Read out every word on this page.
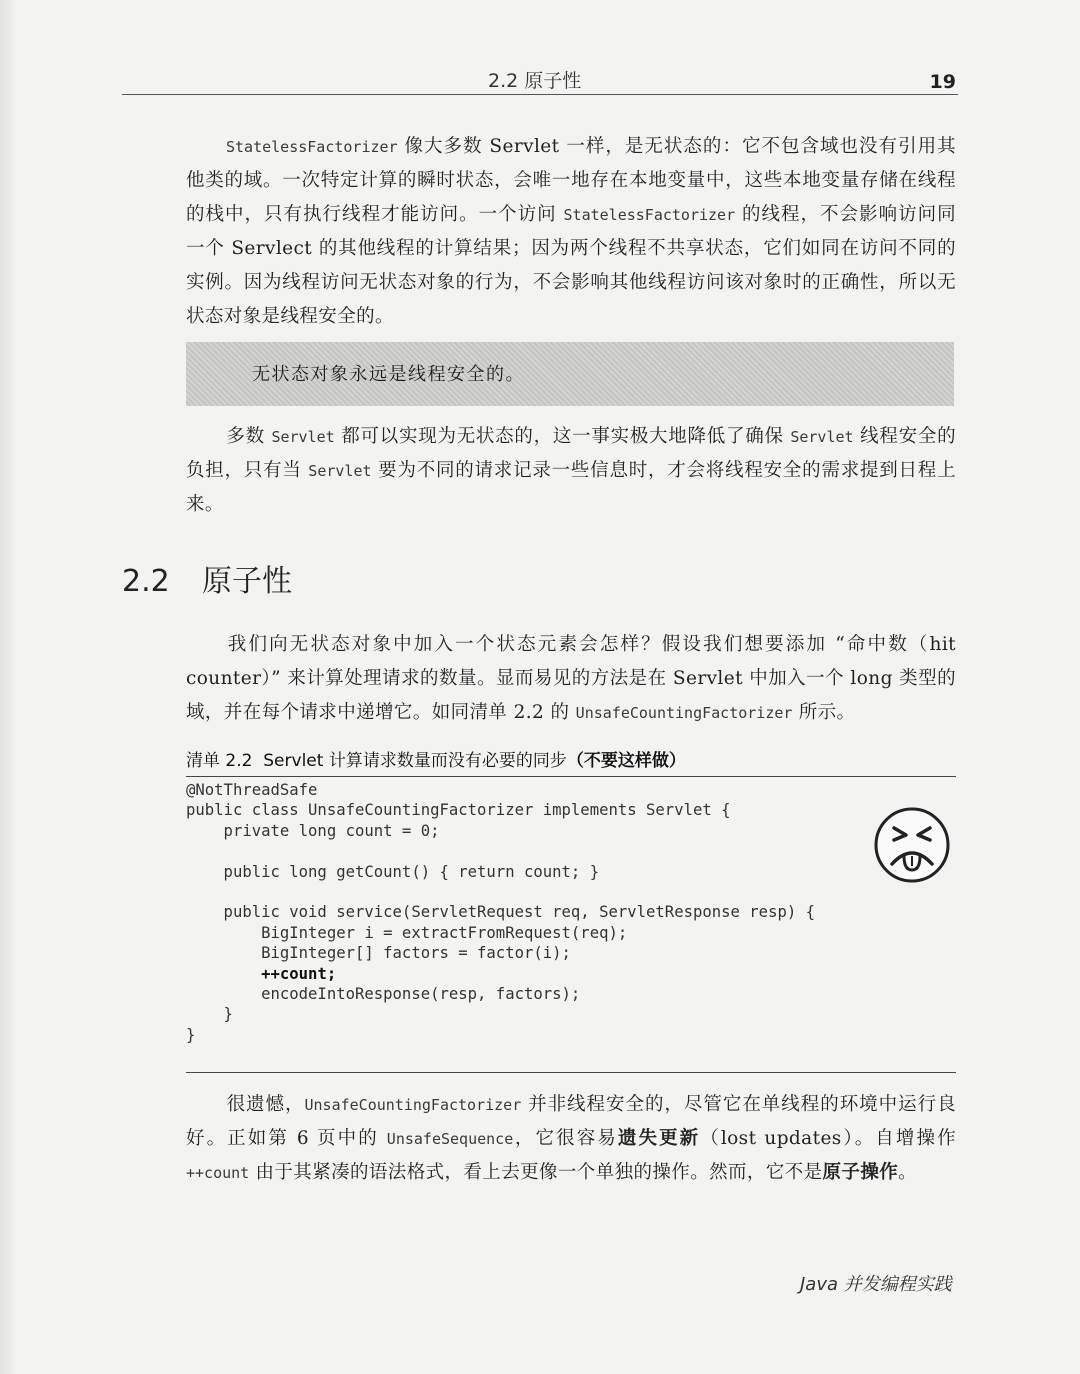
2.2 原子性	19

StatelessFactorizer 像大多数 Servlet 一样，是无状态的：它不包含域也没有引用其他类的域。一次特定计算的瞬时状态，会唯一地存在本地变量中，这些本地变量存储在线程的栈中，只有执行线程才能访问。一个访问 StatelessFactorizer 的线程，不会影响访问同一个 Servlect 的其他线程的计算结果；因为两个线程不共享状态，它们如同在访问不同的实例。因为线程访问无状态对象的行为，不会影响其他线程访问该对象时的正确性，所以无状态对象是线程安全的。

无状态对象永远是线程安全的。

多数 Servlet 都可以实现为无状态的，这一事实极大地降低了确保 Servlet 线程安全的负担，只有当 Servlet 要为不同的请求记录一些信息时，才会将线程安全的需求提到日程上来。

2.2 原子性

我们向无状态对象中加入一个状态元素会怎样？假设我们想要添加 “命中数（hit counter）” 来计算处理请求的数量。显而易见的方法是在 Servlet 中加入一个 long 类型的域，并在每个请求中递增它。如同清单 2.2 的 UnsafeCountingFactorizer 所示。

清单 2.2 Servlet 计算请求数量而没有必要的同步（不要这样做）
@NotThreadSafe
public class UnsafeCountingFactorizer implements Servlet {
private long count = 0;

public long getCount() { return count; }

public void service(ServletRequest req, ServletResponse resp) {
BigInteger i = extractFromRequest(req);
BigInteger[] factors = factor(i);
++count;
encodeIntoResponse(resp, factors);
}
}

很遗憾，UnsafeCountingFactorizer 并非线程安全的，尽管它在单线程的环境中运行良好。正如第 6 页中的 UnsafeSequence，它很容易遗失更新（lost updates）。自增操作++count 由于其紧凑的语法格式，看上去更像一个单独的操作。然而，它不是原子操作。

Java 并发编程实践
